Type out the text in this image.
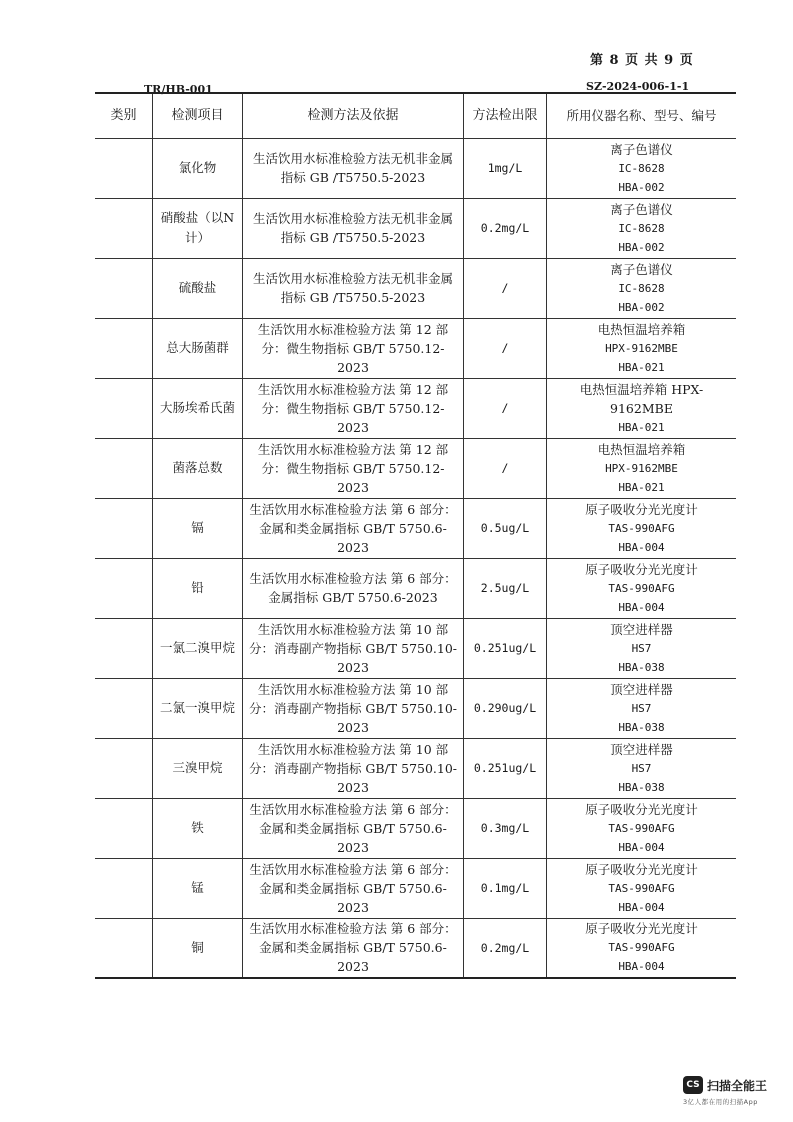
第 8 页 共 9 页
TR/HB-001	SZ-2024-006-1-1
类别	检测项目	检测方法及依据	方法检出限	所用仪器名称、型号、编号
	氯化物	生活饮用水标准检验方法无机非金属指标 GB /T5750.5-2023	1mg/L	离子色谱仪
IC-8628
HBA-002

	硝酸盐（以N计）	生活饮用水标准检验方法无机非金属指标 GB /T5750.5-2023	0.2mg/L	离子色谱仪
IC-8628
HBA-002

	硫酸盐	生活饮用水标准检验方法无机非金属指标 GB /T5750.5-2023	/	离子色谱仪
IC-8628
HBA-002

	总大肠菌群	生活饮用水标准检验方法 第 12 部分：微生物指标 GB/T 5750.12-2023	/	电热恒温培养箱
HPX-9162MBE
HBA-021

	大肠埃希氏菌	生活饮用水标准检验方法 第 12 部分：微生物指标 GB/T 5750.12-2023	/	电热恒温培养箱 HPX-9162MBE
HBA-021

	菌落总数	生活饮用水标准检验方法 第 12 部分：微生物指标 GB/T 5750.12-2023	/	电热恒温培养箱
HPX-9162MBE
HBA-021

	镉	生活饮用水标准检验方法 第 6 部分：金属和类金属指标 GB/T 5750.6-2023	0.5ug/L	原子吸收分光光度计
TAS-990AFG
HBA-004

	铅	生活饮用水标准检验方法 第 6 部分：金属指标 GB/T 5750.6-2023	2.5ug/L	原子吸收分光光度计
TAS-990AFG
HBA-004

	一氯二溴甲烷	生活饮用水标准检验方法 第 10 部分：消毒副产物指标 GB/T 5750.10-2023	0.251ug/L	顶空进样器
HS7
HBA-038

	二氯一溴甲烷	生活饮用水标准检验方法 第 10 部分：消毒副产物指标 GB/T 5750.10-2023	0.290ug/L	顶空进样器
HS7
HBA-038

	三溴甲烷	生活饮用水标准检验方法 第 10 部分：消毒副产物指标 GB/T 5750.10-2023	0.251ug/L	顶空进样器
HS7
HBA-038

	铁	生活饮用水标准检验方法 第 6 部分：金属和类金属指标 GB/T 5750.6-2023	0.3mg/L	原子吸收分光光度计
TAS-990AFG
HBA-004

	锰	生活饮用水标准检验方法 第 6 部分：金属和类金属指标 GB/T 5750.6-2023	0.1mg/L	原子吸收分光光度计
TAS-990AFG
HBA-004

	铜	生活饮用水标准检验方法 第 6 部分：金属和类金属指标 GB/T 5750.6-2023	0.2mg/L	原子吸收分光光度计
TAS-990AFG
HBA-004
CS 扫描全能王
3亿人都在用的扫描App
